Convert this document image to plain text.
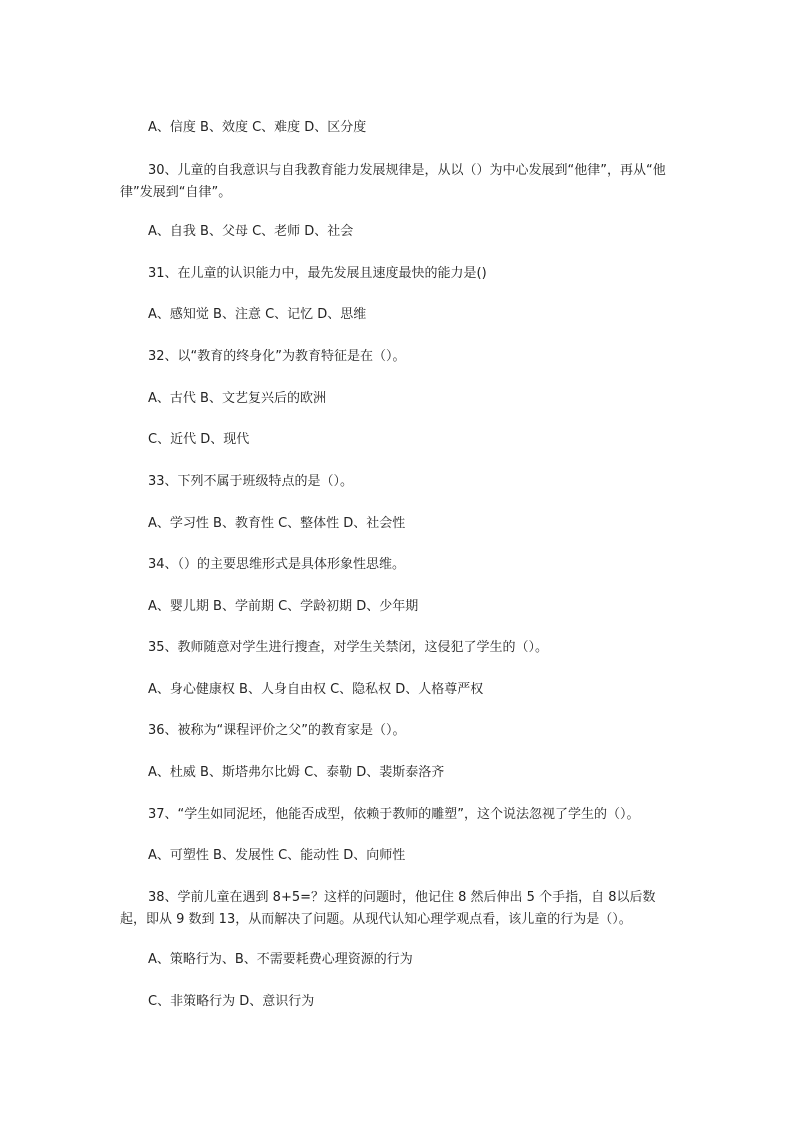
A、信度 B、效度 C、难度 D、区分度

30、儿童的自我意识与自我教育能力发展规律是，从以（）为中心发展到“他律”，再从“他律”发展到“自律”。

A、自我 B、父母 C、老师 D、社会

31、在儿童的认识能力中，最先发展且速度最快的能力是()

A、感知觉 B、注意 C、记忆 D、思维

32、以“教育的终身化”为教育特征是在（）。

A、古代 B、文艺复兴后的欧洲

C、近代 D、现代

33、下列不属于班级特点的是（）。

A、学习性 B、教育性 C、整体性 D、社会性

34、（）的主要思维形式是具体形象性思维。

A、婴儿期 B、学前期 C、学龄初期 D、少年期

35、教师随意对学生进行搜查，对学生关禁闭，这侵犯了学生的（）。

A、身心健康权 B、人身自由权 C、隐私权 D、人格尊严权

36、被称为“课程评价之父”的教育家是（）。

A、杜威 B、斯塔弗尔比姆 C、泰勒 D、裴斯泰洛齐

37、“学生如同泥坯，他能否成型，依赖于教师的雕塑”，这个说法忽视了学生的（）。

A、可塑性 B、发展性 C、能动性 D、向师性

38、学前儿童在遇到 8+5=？这样的问题时，他记住 8 然后伸出 5 个手指，自 8以后数起，即从 9 数到 13，从而解决了问题。从现代认知心理学观点看，该儿童的行为是（）。

A、策略行为、B、不需要耗费心理资源的行为

C、非策略行为 D、意识行为
